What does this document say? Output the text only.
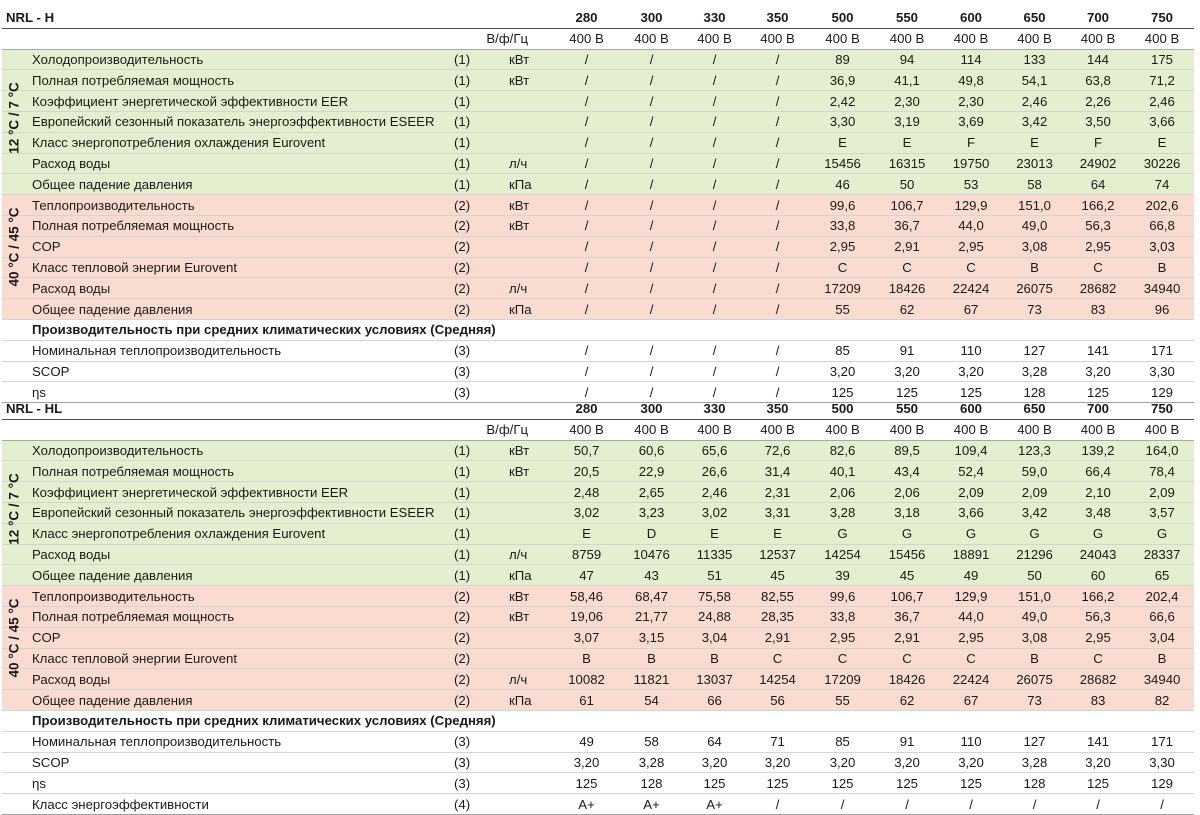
NRL - H			280	300	330	350	500	550	600	650	700	750
В/ф/Гц			400 В	400 В	400 В	400 В	400 В	400 В	400 В	400 В	400 В	400 В
Холодопроизводительность	(1)	кВт	/	/	/	/	89	94	114	133	144	175
Полная потребляемая мощность	(1)	кВт	/	/	/	/	36,9	41,1	49,8	54,1	63,8	71,2
Коэффициент энергетической эффективности EER	(1)		/	/	/	/	2,42	2,30	2,30	2,46	2,26	2,46
Европейский сезонный показатель энергоэффективности ESEER	(1)		/	/	/	/	3,30	3,19	3,69	3,42	3,50	3,66
Класс энергопотребления охлаждения Eurovent	(1)		/	/	/	/	E	E	F	E	F	E
Расход воды	(1)	л/ч	/	/	/	/	15456	16315	19750	23013	24902	30226
Общее падение давления	(1)	кПа	/	/	/	/	46	50	53	58	64	74
Теплопроизводительность	(2)	кВт	/	/	/	/	99,6	106,7	129,9	151,0	166,2	202,6
Полная потребляемая мощность	(2)	кВт	/	/	/	/	33,8	36,7	44,0	49,0	56,3	66,8
COP	(2)		/	/	/	/	2,95	2,91	2,95	3,08	2,95	3,03
Класс тепловой энергии Eurovent	(2)		/	/	/	/	C	C	C	B	C	B
Расход воды	(2)	л/ч	/	/	/	/	17209	18426	22424	26075	28682	34940
Общее падение давления	(2)	кПа	/	/	/	/	55	62	67	73	83	96
Производительность при средних климатических условиях (Средняя)												
Номинальная теплопроизводительность	(3)		/	/	/	/	85	91	110	127	141	171
SCOP	(3)		/	/	/	/	3,20	3,20	3,20	3,28	3,20	3,30
ηs	(3)		/	/	/	/	125	125	125	128	125	129
12 °C / 7 °C
40 °C / 45 °C
NRL - HL			280	300	330	350	500	550	600	650	700	750
В/ф/Гц			400 В	400 В	400 В	400 В	400 В	400 В	400 В	400 В	400 В	400 В
Холодопроизводительность	(1)	кВт	50,7	60,6	65,6	72,6	82,6	89,5	109,4	123,3	139,2	164,0
Полная потребляемая мощность	(1)	кВт	20,5	22,9	26,6	31,4	40,1	43,4	52,4	59,0	66,4	78,4
Коэффициент энергетической эффективности EER	(1)		2,48	2,65	2,46	2,31	2,06	2,06	2,09	2,09	2,10	2,09
Европейский сезонный показатель энергоэффективности ESEER	(1)		3,02	3,23	3,02	3,31	3,28	3,18	3,66	3,42	3,48	3,57
Класс энергопотребления охлаждения Eurovent	(1)		E	D	E	E	G	G	G	G	G	G
Расход воды	(1)	л/ч	8759	10476	11335	12537	14254	15456	18891	21296	24043	28337
Общее падение давления	(1)	кПа	47	43	51	45	39	45	49	50	60	65
Теплопроизводительность	(2)	кВт	58,46	68,47	75,58	82,55	99,6	106,7	129,9	151,0	166,2	202,4
Полная потребляемая мощность	(2)	кВт	19,06	21,77	24,88	28,35	33,8	36,7	44,0	49,0	56,3	66,6
COP	(2)		3,07	3,15	3,04	2,91	2,95	2,91	2,95	3,08	2,95	3,04
Класс тепловой энергии Eurovent	(2)		B	B	B	C	C	C	C	B	C	B
Расход воды	(2)	л/ч	10082	11821	13037	14254	17209	18426	22424	26075	28682	34940
Общее падение давления	(2)	кПа	61	54	66	56	55	62	67	73	83	82
Производительность при средних климатических условиях (Средняя)												
Номинальная теплопроизводительность	(3)		49	58	64	71	85	91	110	127	141	171
SCOP	(3)		3,20	3,28	3,20	3,20	3,20	3,20	3,20	3,28	3,20	3,30
ηs	(3)		125	128	125	125	125	125	125	128	125	129
Класс энергоэффективности	(4)		A+	A+	A+	/	/	/	/	/	/	/
12 °C / 7 °C
40 °C / 45 °C
